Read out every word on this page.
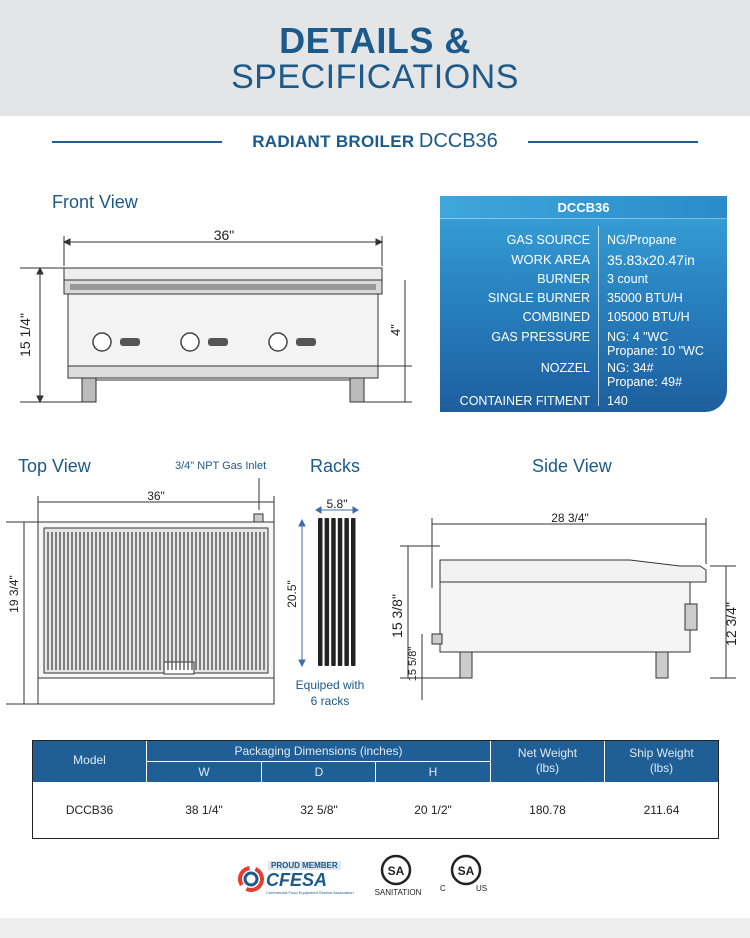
DETAILS &
SPECIFICATIONS
RADIANT BROILER DCCB36
Front View
36"
15 1/4"	4"
DCCB36
GAS SOURCE NG/Propane
WORK AREA 35.83x20.47in
BURNER 3 count
SINGLE BURNER 35000 BTU/H
COMBINED 105000 BTU/H
GAS PRESSURE NG: 4 "WC
Propane: 10 "WC
NOZZEL NG: 34#
Propane: 49#
CONTAINER FITMENT 140
Top View	3/4" NPT Gas Inlet
36"
19 3/4"
Racks
5.8"
20.5"
Equiped with
6 racks
Side View
28 3/4"
15 3/8"
15 5/8"
12 3/4"
Model
Packaging Dimensions (inches)
W	D	H
Net Weight
(lbs)
Ship Weight
(lbs)
DCCB36	38 1/4"	32 5/8"	20 1/2"	180.78	211.64
PROUD MEMBER
CFESA
Commercial Food Equipment Service Association
SA
SANITATION
SA
C	US
